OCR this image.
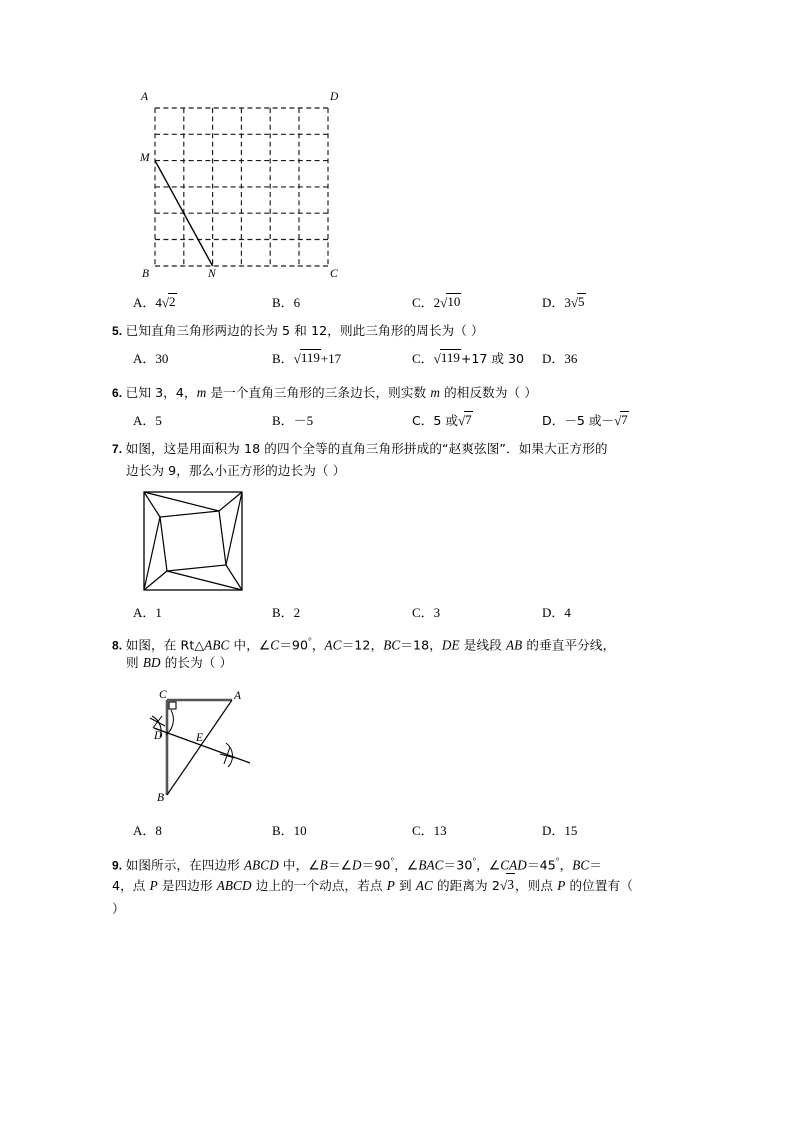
A	D
M
B	N	C
A．4√2	B．6	C．2√10	D．3√5
5. 已知直角三角形两边的长为 5 和 12，则此三角形的周长为（ ）
A．30	B．√119+17	C．√119+17 或 30 D．36
6. 已知 3，4，m 是一个直角三角形的三条边长，则实数 m 的相反数为（ ）
A．5	B．－5	C．5 或√7	D．－5 或－√7
7. 如图，这是用面积为 18 的四个全等的直角三角形拼成的“赵爽弦图”．如果大正方形的
边长为 9，那么小正方形的边长为（ ）
A．1	B．2	C．3	D．4
8. 如图，在 Rt△ABC 中，∠C＝90°，AC＝12，BC＝18，DE 是线段 AB 的垂直平分线，
则 BD 的长为（ ）
C	A
D	E
B
A．8	B．10	C．13	D．15
9. 如图所示，在四边形 ABCD 中，∠B＝∠D＝90°，∠BAC＝30°，∠CAD＝45°，BC＝
4，点 P 是四边形 ABCD 边上的一个动点，若点 P 到 AC 的距离为 2√3，则点 P 的位置有（
）
